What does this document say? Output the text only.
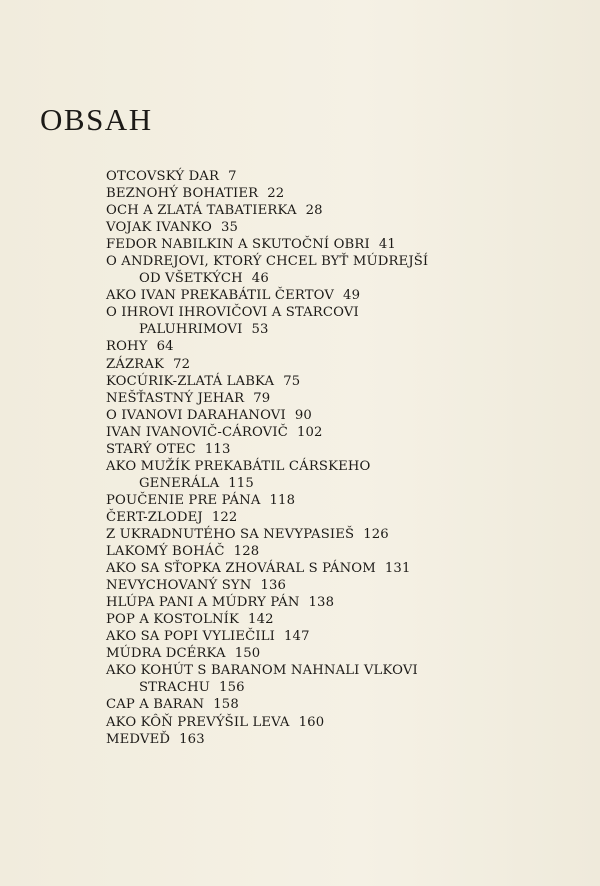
OBSAH
OTCOVSKÝ DAR 7
BEZNOHÝ BOHATIER 22
OCH A ZLATÁ TABATIERKA 28
VOJAK IVANKO 35
FEDOR NABILKIN A SKUTOČNÍ OBRI 41
O ANDREJOVI, KTORÝ CHCEL BYŤ MÚDREJŠÍ
OD VŠETKÝCH 46
AKO IVAN PREKABÁTIL ČERTOV 49
O IHROVI IHROVIČOVI A STARCOVI
PALUHRIMOVI 53
ROHY 64
ZÁZRAK 72
KOCÚRIK-ZLATÁ LABKA 75
NEŠŤASTNÝ JEHAR 79
O IVANOVI DARAHANOVI 90
IVAN IVANOVIČ-CÁROVIČ 102
STARÝ OTEC 113
AKO MUŽÍK PREKABÁTIL CÁRSKEHO
GENERÁLA 115
POUČENIE PRE PÁNA 118
ČERT-ZLODEJ 122
Z UKRADNUTÉHO SA NEVYPASIEŠ 126
LAKOMÝ BOHÁČ 128
AKO SA SŤOPKA ZHOVÁRAL S PÁNOM 131
NEVYCHOVANÝ SYN 136
HLÚPA PANI A MÚDRY PÁN 138
POP A KOSTOLNÍK 142
AKO SA POPI VYLIEČILI 147
MÚDRA DCÉRKA 150
AKO KOHÚT S BARANOM NAHNALI VLKOVI
STRACHU 156
CAP A BARAN 158
AKO KÔŇ PREVÝŠIL LEVA 160
MEDVEĎ 163
